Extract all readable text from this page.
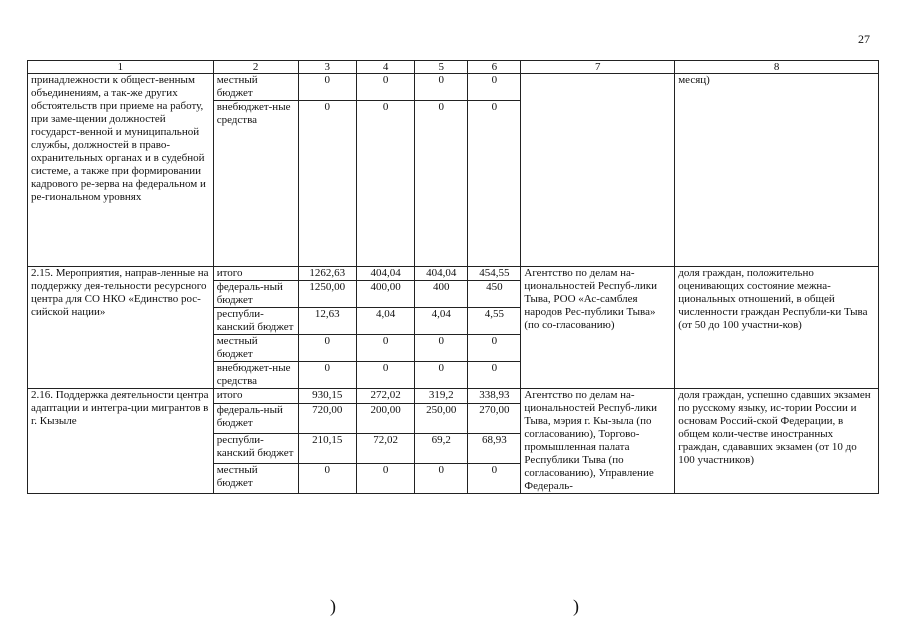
27
1	2	3	4	5	6	7	8
принадлежности к общест-венным объединениям, а так-же других обстоятельств при приеме на работу, при заме-щении должностей государст-венной и муниципальной службы, должностей в право-охранительных органах и в судебной системе, а также при формировании кадрового ре-зерва на федеральном и ре-гиональном уровнях	местный бюджет	0	0	0	0		месяц)
	внебюджет-ные средства	0	0	0	0		
2.15. Мероприятия, направ-ленные на поддержку дея-тельности ресурсного центра для СО НКО «Единство рос-сийской нации»	итого	1262,63	404,04	404,04	454,55	Агентство по делам на-циональностей Респуб-лики Тыва, РОО «Ас-самблея народов Рес-публики Тыва» (по со-гласованию)	доля граждан, положительно оценивающих состояние межна-циональных отношений, в общей численности граждан Республи-ки Тыва (от 50 до 100 участни-ков)
	федераль-ный бюджет	1250,00	400,00	400	450		
	республи-канский бюджет	12,63	4,04	4,04	4,55		
	местный бюджет	0	0	0	0		
	внебюджет-ные средства	0	0	0	0		
2.16. Поддержка деятельности центра адаптации и интегра-ции мигрантов в г. Кызыле	итого	930,15	272,02	319,2	338,93	Агентство по делам на-циональностей Респуб-лики Тыва, мэрия г. Кы-зыла (по согласованию), Торгово-промышленная палата Республики Тыва (по согласованию), Управление Федераль-	доля граждан, успешно сдавших экзамен по русскому языку, ис-тории России и основам Россий-ской Федерации, в общем коли-честве иностранных граждан, сдававших экзамен (от 10 до 100 участников)
	федераль-ный бюджет	720,00	200,00	250,00	270,00		
	республи-канский бюджет	210,15	72,02	69,2	68,93		
	местный бюджет	0	0	0	0		
)	)
